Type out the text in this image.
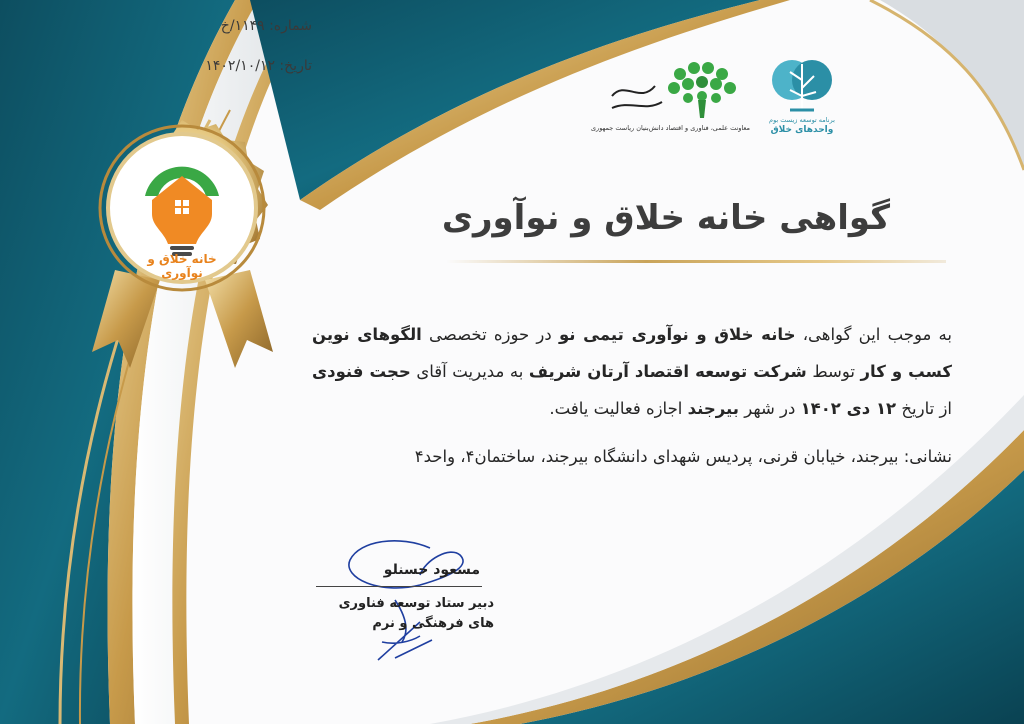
شماره: ۱۱۴۹/خ
تاریخ: ۱۴۰۲/۱۰/۱۲
خانه خلاق و نوآوری
معاونت علمی، فناوری و اقتصاد دانش‌بنیان ریاست جمهوری
برنامه توسعه زیست بوم
واحدهای خلاق
گواهی خانه خلاق و نوآوری
به موجب این گواهی، خانه خلاق و نوآوری تیمی نو در حوزه تخصصی الگوهای نوین کسب و کار توسط شرکت توسعه اقتصاد آرتان شریف به مدیریت آقای حجت فنودی از تاریخ ۱۲ دی ۱۴۰۲ در شهر بیرجند اجازه فعالیت یافت.
نشانی: بیرجند، خیابان قرنی، پردیس شهدای دانشگاه بیرجند، ساختمان۴، واحد۴
مسعود حسنلو
دبیر ستاد توسعه فناوری های فرهنگی و نرم
